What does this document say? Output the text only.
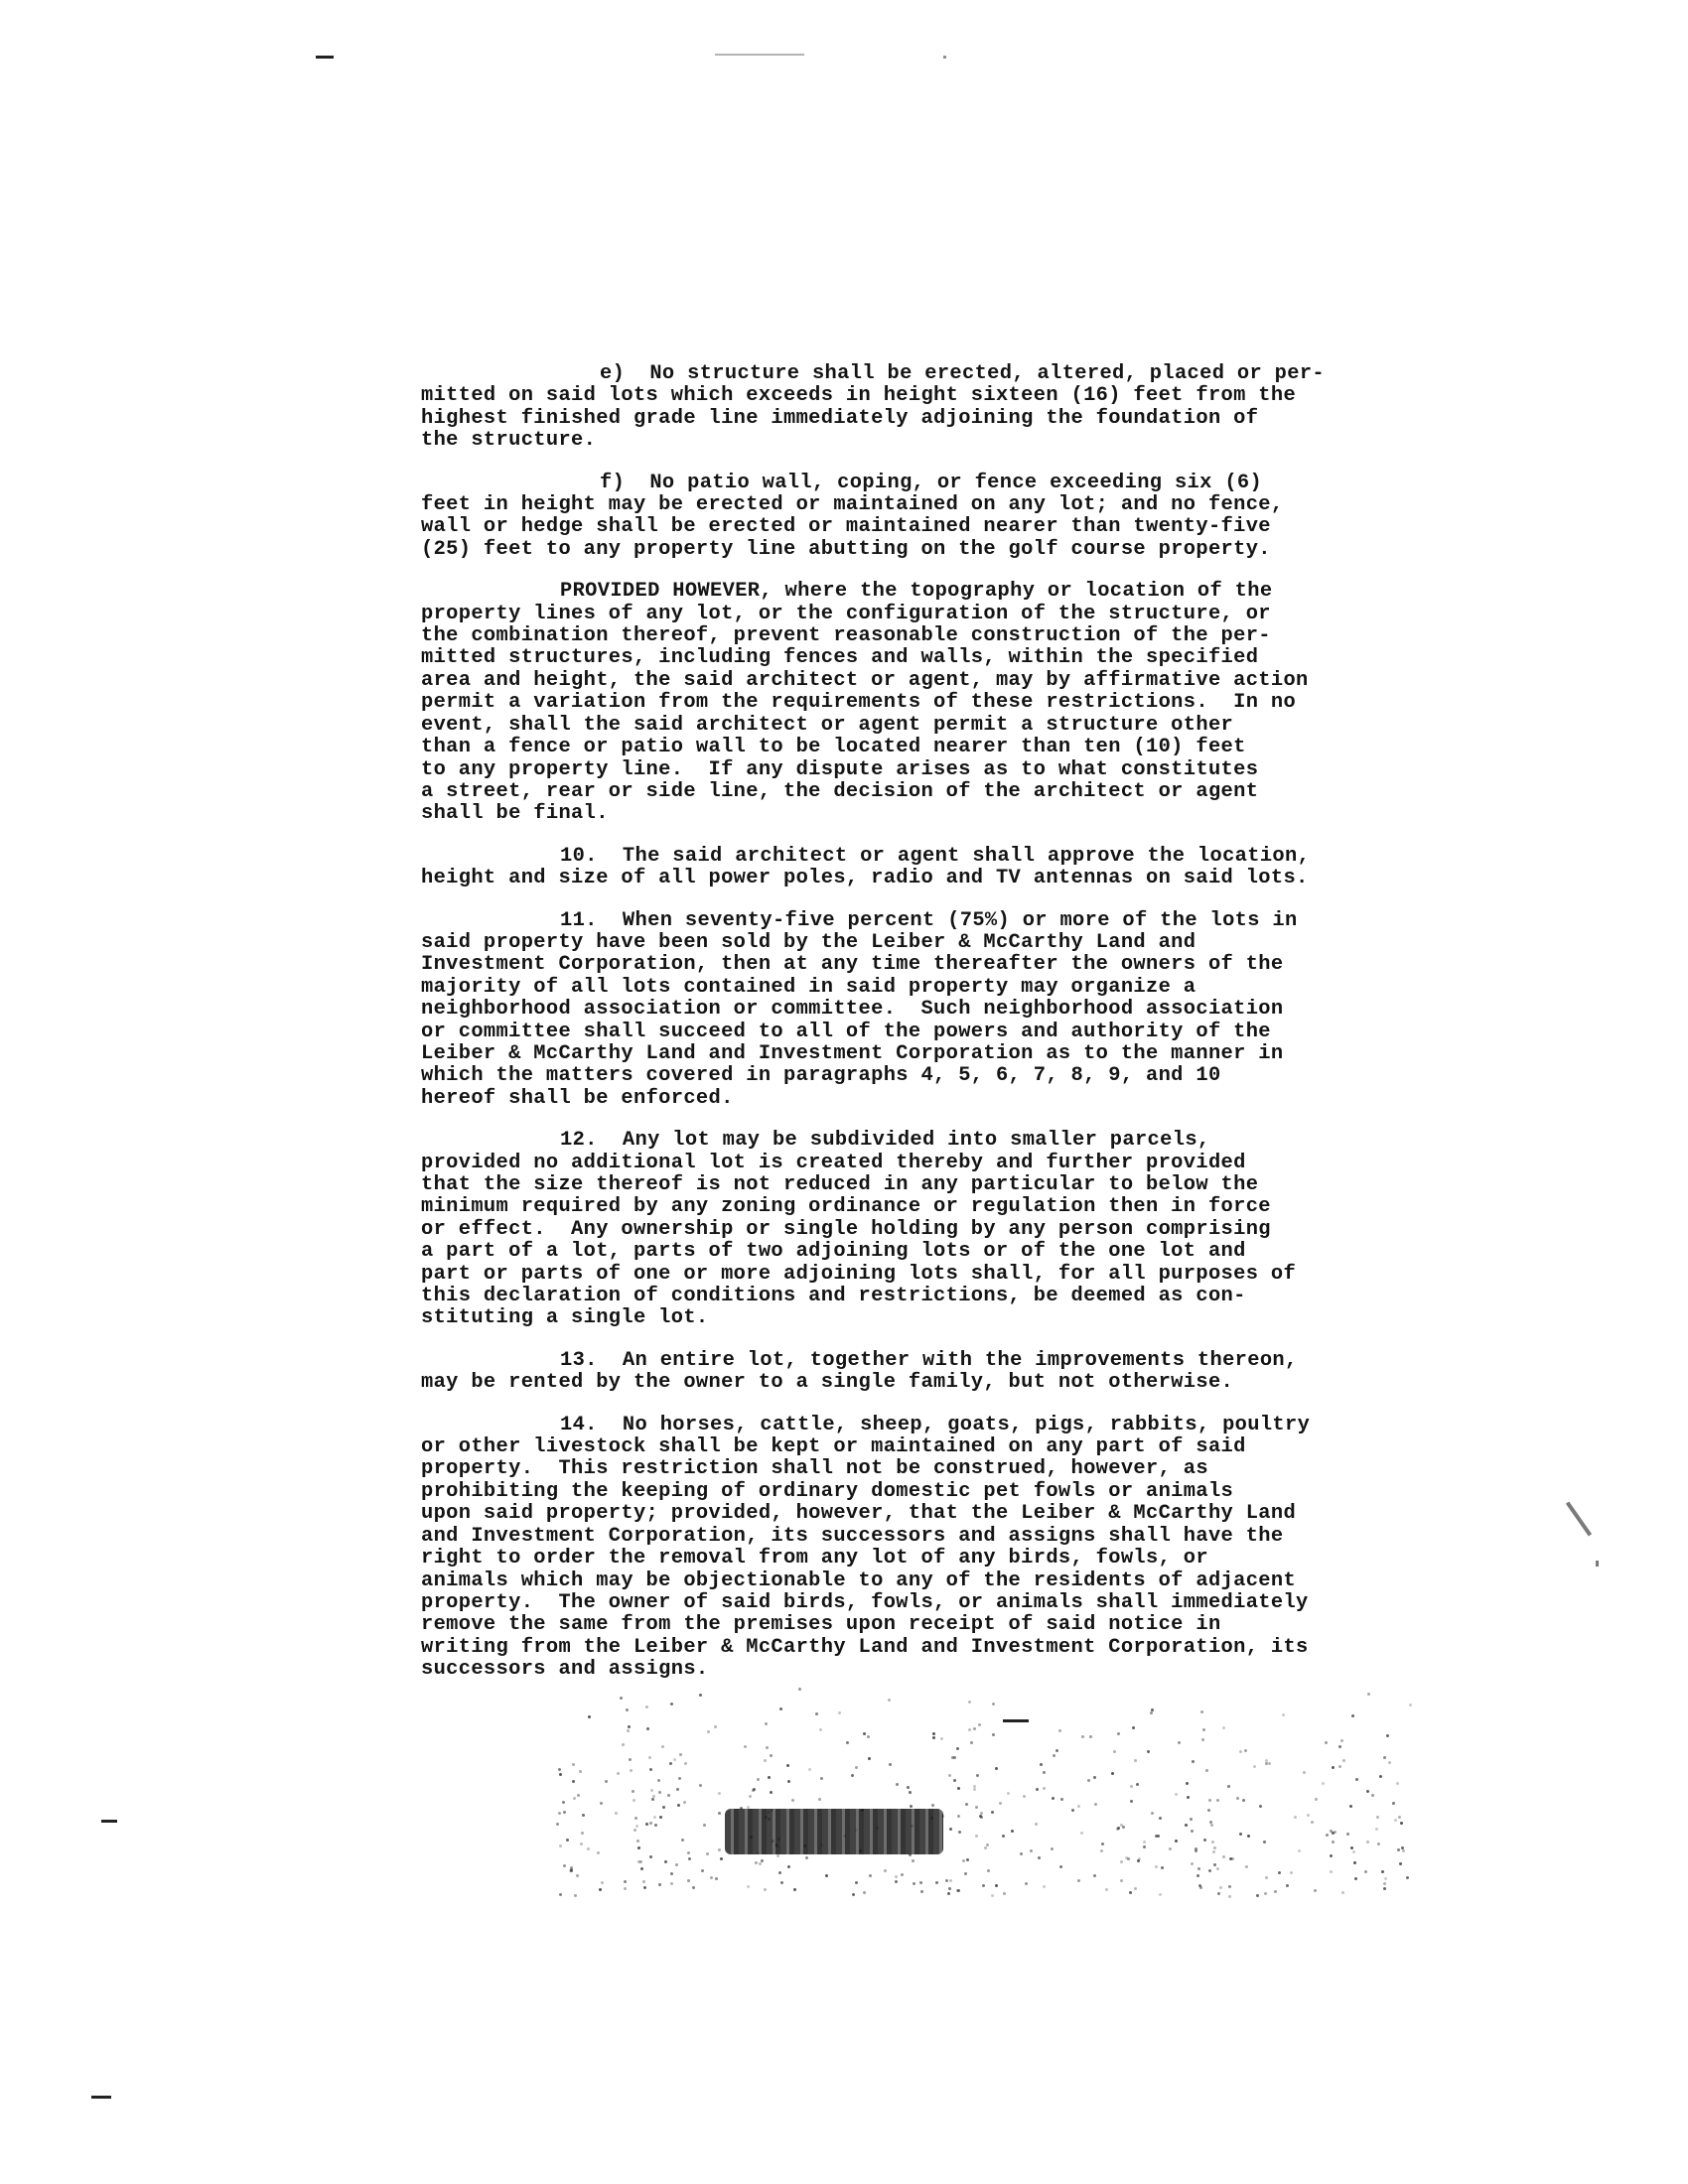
e)  No structure shall be erected, altered, placed or per-
mitted on said lots which exceeds in height sixteen (16) feet from the
highest finished grade line immediately adjoining the foundation of
the structure.
f)  No patio wall, coping, or fence exceeding six (6)
feet in height may be erected or maintained on any lot; and no fence,
wall or hedge shall be erected or maintained nearer than twenty-five
(25) feet to any property line abutting on the golf course property.
PROVIDED HOWEVER, where the topography or location of the
property lines of any lot, or the configuration of the structure, or
the combination thereof, prevent reasonable construction of the per-
mitted structures, including fences and walls, within the specified
area and height, the said architect or agent, may by affirmative action
permit a variation from the requirements of these restrictions.  In no
event, shall the said architect or agent permit a structure other
than a fence or patio wall to be located nearer than ten (10) feet
to any property line.  If any dispute arises as to what constitutes
a street, rear or side line, the decision of the architect or agent
shall be final.
10.  The said architect or agent shall approve the location,
height and size of all power poles, radio and TV antennas on said lots.
11.  When seventy-five percent (75%) or more of the lots in
said property have been sold by the Leiber & McCarthy Land and
Investment Corporation, then at any time thereafter the owners of the
majority of all lots contained in said property may organize a
neighborhood association or committee.  Such neighborhood association
or committee shall succeed to all of the powers and authority of the
Leiber & McCarthy Land and Investment Corporation as to the manner in
which the matters covered in paragraphs 4, 5, 6, 7, 8, 9, and 10
hereof shall be enforced.
12.  Any lot may be subdivided into smaller parcels,
provided no additional lot is created thereby and further provided
that the size thereof is not reduced in any particular to below the
minimum required by any zoning ordinance or regulation then in force
or effect.  Any ownership or single holding by any person comprising
a part of a lot, parts of two adjoining lots or of the one lot and
part or parts of one or more adjoining lots shall, for all purposes of
this declaration of conditions and restrictions, be deemed as con-
stituting a single lot.
13.  An entire lot, together with the improvements thereon,
may be rented by the owner to a single family, but not otherwise.
14.  No horses, cattle, sheep, goats, pigs, rabbits, poultry
or other livestock shall be kept or maintained on any part of said
property.  This restriction shall not be construed, however, as
prohibiting the keeping of ordinary domestic pet fowls or animals
upon said property; provided, however, that the Leiber & McCarthy Land
and Investment Corporation, its successors and assigns shall have the
right to order the removal from any lot of any birds, fowls, or
animals which may be objectionable to any of the residents of adjacent
property.  The owner of said birds, fowls, or animals shall immediately
remove the same from the premises upon receipt of said notice in
writing from the Leiber & McCarthy Land and Investment Corporation, its
successors and assigns.
